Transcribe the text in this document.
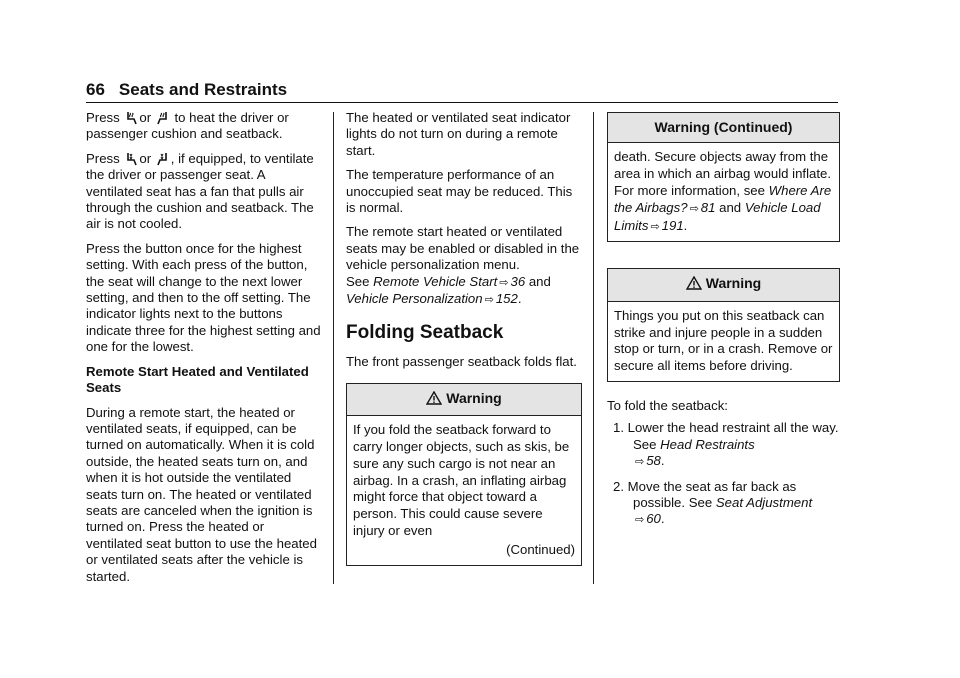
66 Seats and Restraints

Press or to heat the driver or passenger cushion and seatback.

Press or , if equipped, to ventilate the driver or passenger seat. A ventilated seat has a fan that pulls air through the cushion and seatback. The air is not cooled.

Press the button once for the highest setting. With each press of the button, the seat will change to the next lower setting, and then to the off setting. The indicator lights next to the buttons indicate three for the highest setting and one for the lowest.

Remote Start Heated and Ventilated Seats

During a remote start, the heated or ventilated seats, if equipped, can be turned on automatically. When it is cold outside, the heated seats turn on, and when it is hot outside the ventilated seats turn on. The heated or ventilated seats are canceled when the ignition is turned on. Press the heated or ventilated seat button to use the heated or ventilated seats after the vehicle is started.

The heated or ventilated seat indicator lights do not turn on during a remote start.

The temperature performance of an unoccupied seat may be reduced. This is normal.

The remote start heated or ventilated seats may be enabled or disabled in the vehicle personalization menu.
See Remote Vehicle Start ⇨ 36 and Vehicle Personalization ⇨ 152.

Folding Seatback

The front passenger seatback folds flat.

Warning
If you fold the seatback forward to carry longer objects, such as skis, be sure any such cargo is not near an airbag. In a crash, an inflating airbag might force that object toward a person. This could cause severe injury or even
(Continued)
Warning (Continued)
death. Secure objects away from the area in which an airbag would inflate. For more information, see Where Are the Airbags? ⇨ 81 and Vehicle Load Limits ⇨ 191.
Warning
Things you put on this seatback can strike and injure people in a sudden stop or turn, or in a crash. Remove or secure all items before driving.

To fold the seatback:

1. Lower the head restraint all the way. See Head Restraints
⇨ 58.
2. Move the seat as far back as possible. See Seat Adjustment
⇨ 60.
